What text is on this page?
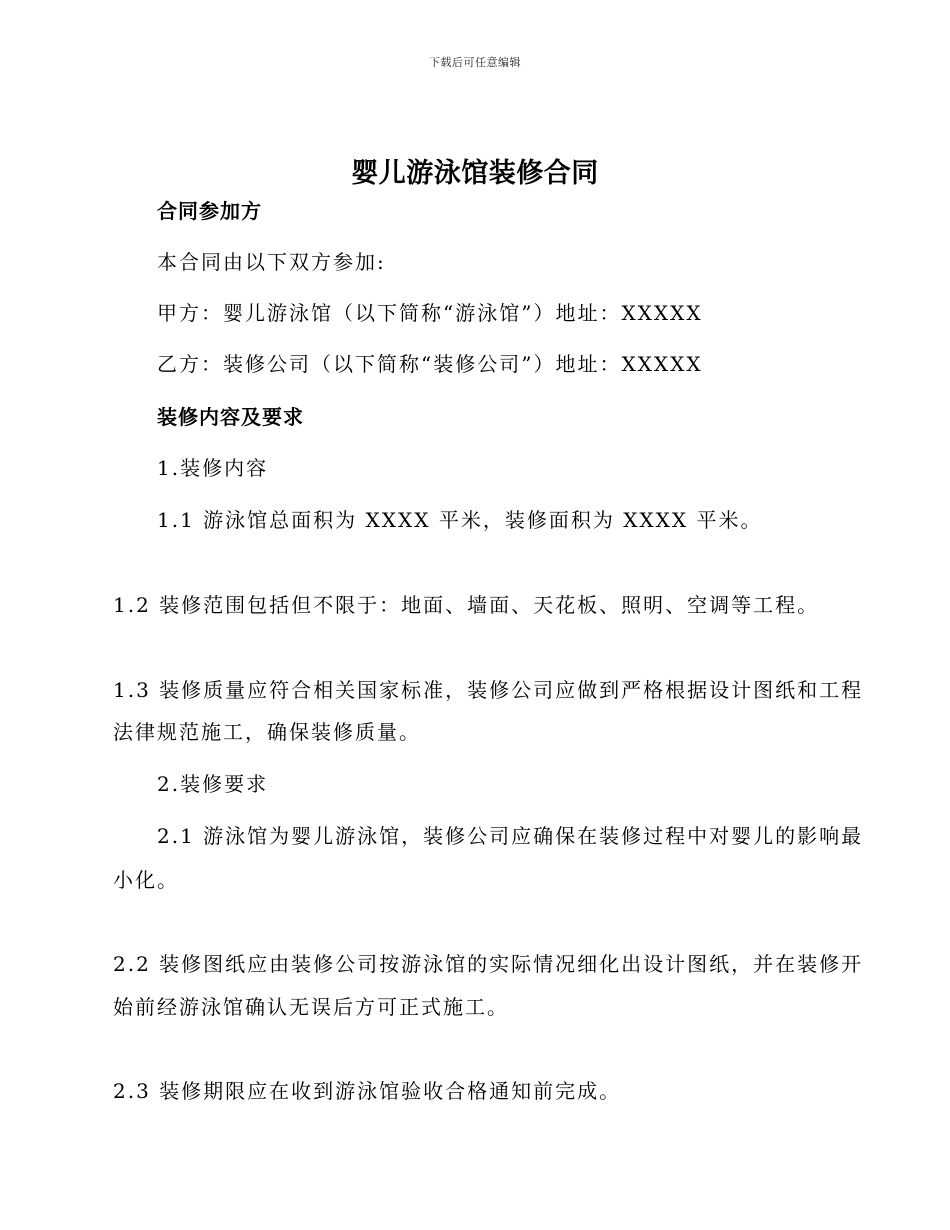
下载后可任意编辑
婴儿游泳馆装修合同

合同参加方

本合同由以下双方参加:

甲方：婴儿游泳馆（以下简称“游泳馆”）地址：XXXXX

乙方：装修公司（以下简称“装修公司”）地址：XXXXX

装修内容及要求

1.装修内容

1.1 游泳馆总面积为 XXXX 平米，装修面积为 XXXX 平米。

1.2 装修范围包括但不限于：地面、墙面、天花板、照明、空调等工程。

1.3 装修质量应符合相关国家标准，装修公司应做到严格根据设计图纸和工程

法律规范施工，确保装修质量。

2.装修要求

2.1 游泳馆为婴儿游泳馆，装修公司应确保在装修过程中对婴儿的影响最

小化。

2.2 装修图纸应由装修公司按游泳馆的实际情况细化出设计图纸，并在装修开

始前经游泳馆确认无误后方可正式施工。

2.3 装修期限应在收到游泳馆验收合格通知前完成。
